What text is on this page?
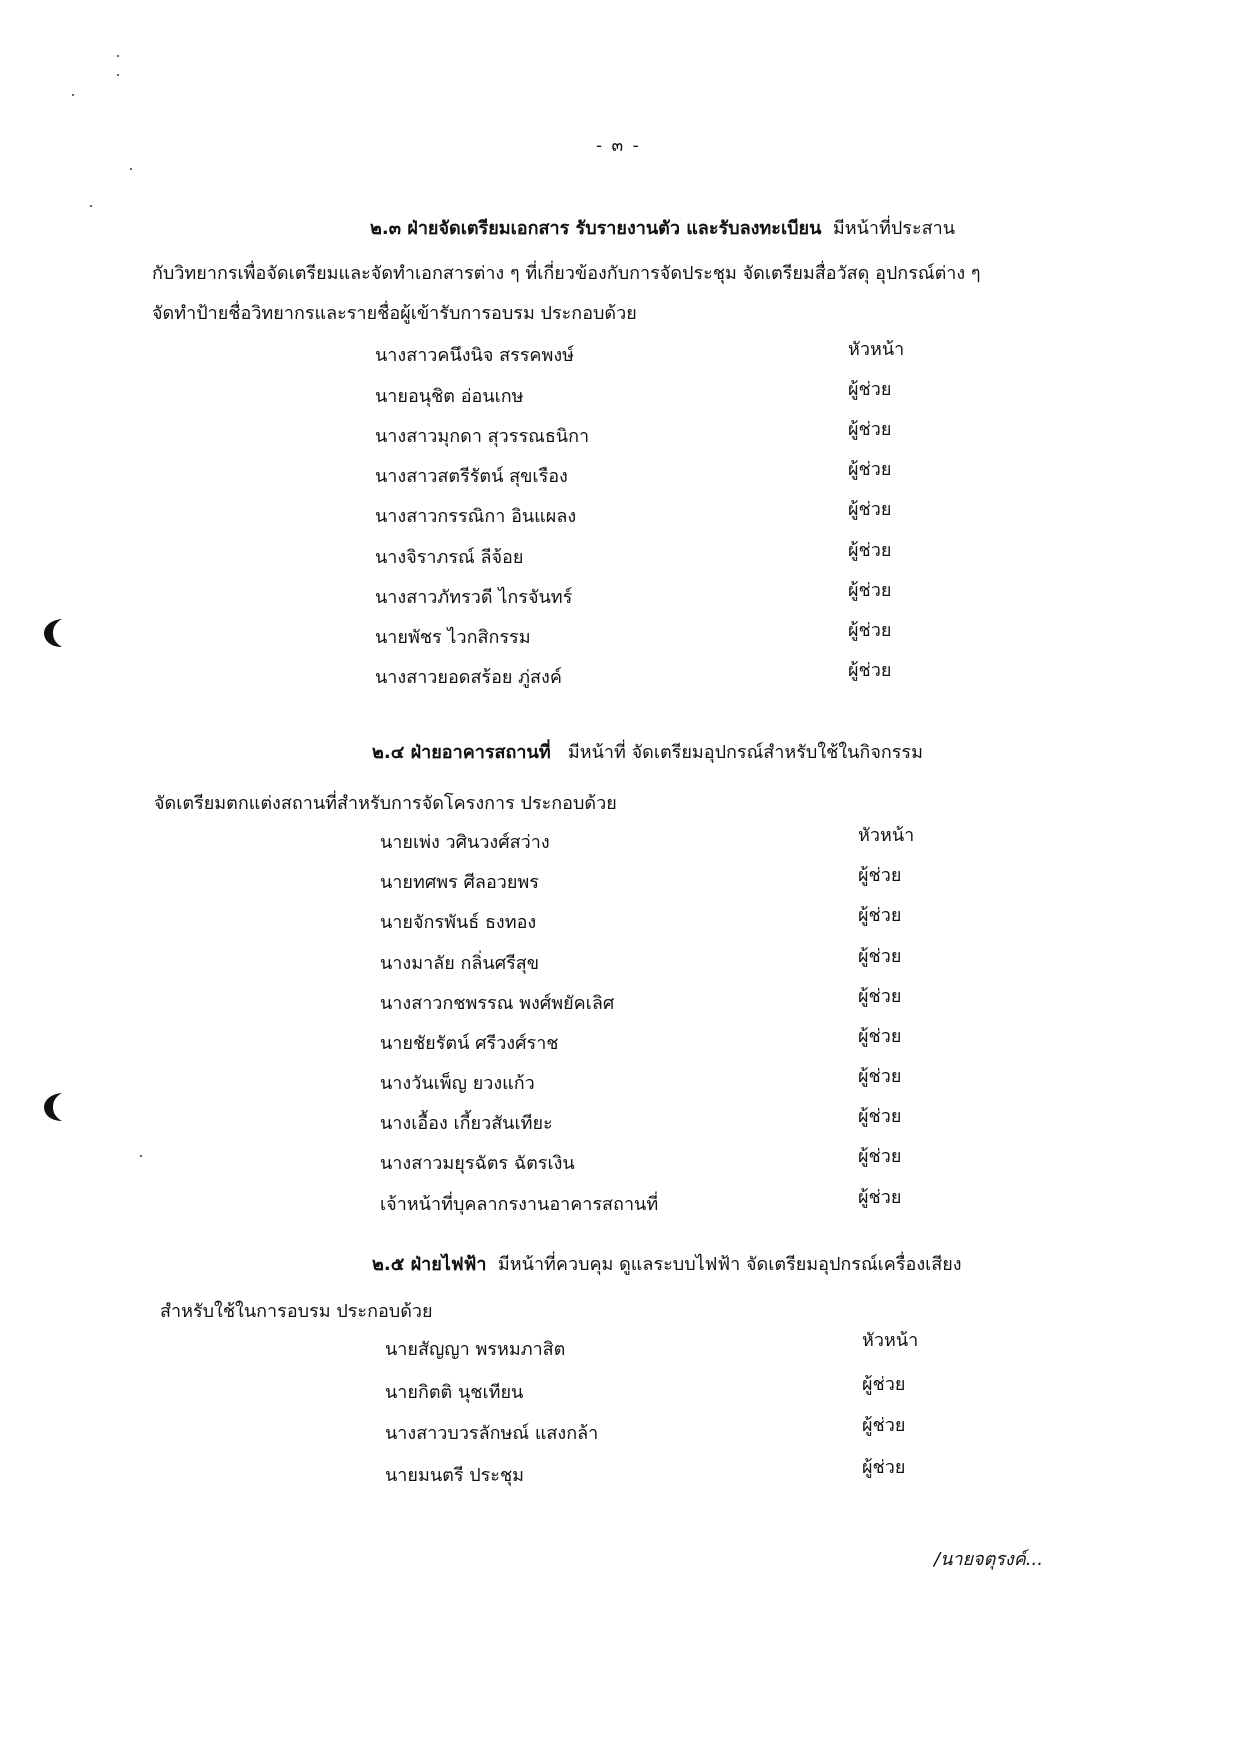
- ๓ -
๒.๓ ฝ่ายจัดเตรียมเอกสาร รับรายงานตัว และรับลงทะเบียน มีหน้าที่ประสาน
กับวิทยากรเพื่อจัดเตรียมและจัดทำเอกสารต่าง ๆ ที่เกี่ยวข้องกับการจัดประชุม จัดเตรียมสื่อวัสดุ อุปกรณ์ต่าง ๆ
จัดทำป้ายชื่อวิทยากรและรายชื่อผู้เข้ารับการอบรม ประกอบด้วย
นางสาวคนึงนิจ สรรคพงษ์	หัวหน้า
นายอนุชิต อ่อนเกษ	ผู้ช่วย
นางสาวมุกดา สุวรรณธนิกา	ผู้ช่วย
นางสาวสตรีรัตน์ สุขเรือง	ผู้ช่วย
นางสาวกรรณิกา อินแผลง	ผู้ช่วย
นางจิราภรณ์ ลีจ้อย	ผู้ช่วย
นางสาวภัทรวดี ไกรจันทร์	ผู้ช่วย
นายพัชร ไวกสิกรรม	ผู้ช่วย
นางสาวยอดสร้อย ภู่สงค์	ผู้ช่วย
๒.๔ ฝ่ายอาคารสถานที่ มีหน้าที่ จัดเตรียมอุปกรณ์สำหรับใช้ในกิจกรรม
จัดเตรียมตกแต่งสถานที่สำหรับการจัดโครงการ ประกอบด้วย
นายเพ่ง วศินวงศ์สว่าง	หัวหน้า
นายทศพร ศีลอวยพร	ผู้ช่วย
นายจักรพันธ์ ธงทอง	ผู้ช่วย
นางมาลัย กลิ่นศรีสุข	ผู้ช่วย
นางสาวกชพรรณ พงศ์พยัคเลิศ	ผู้ช่วย
นายชัยรัตน์ ศรีวงศ์ราช	ผู้ช่วย
นางวันเพ็ญ ยวงแก้ว	ผู้ช่วย
นางเอื้อง เกี้ยวสันเทียะ	ผู้ช่วย
นางสาวมยุรฉัตร ฉัตรเงิน	ผู้ช่วย
เจ้าหน้าที่บุคลากรงานอาคารสถานที่	ผู้ช่วย
๒.๕ ฝ่ายไฟฟ้า มีหน้าที่ควบคุม ดูแลระบบไฟฟ้า จัดเตรียมอุปกรณ์เครื่องเสียง
สำหรับใช้ในการอบรม ประกอบด้วย
นายสัญญา พรหมภาสิต	หัวหน้า
นายกิตติ นุชเทียน	ผู้ช่วย
นางสาวบวรลักษณ์ แสงกล้า	ผู้ช่วย
นายมนตรี ประชุม	ผู้ช่วย
/นายจตุรงค์...
